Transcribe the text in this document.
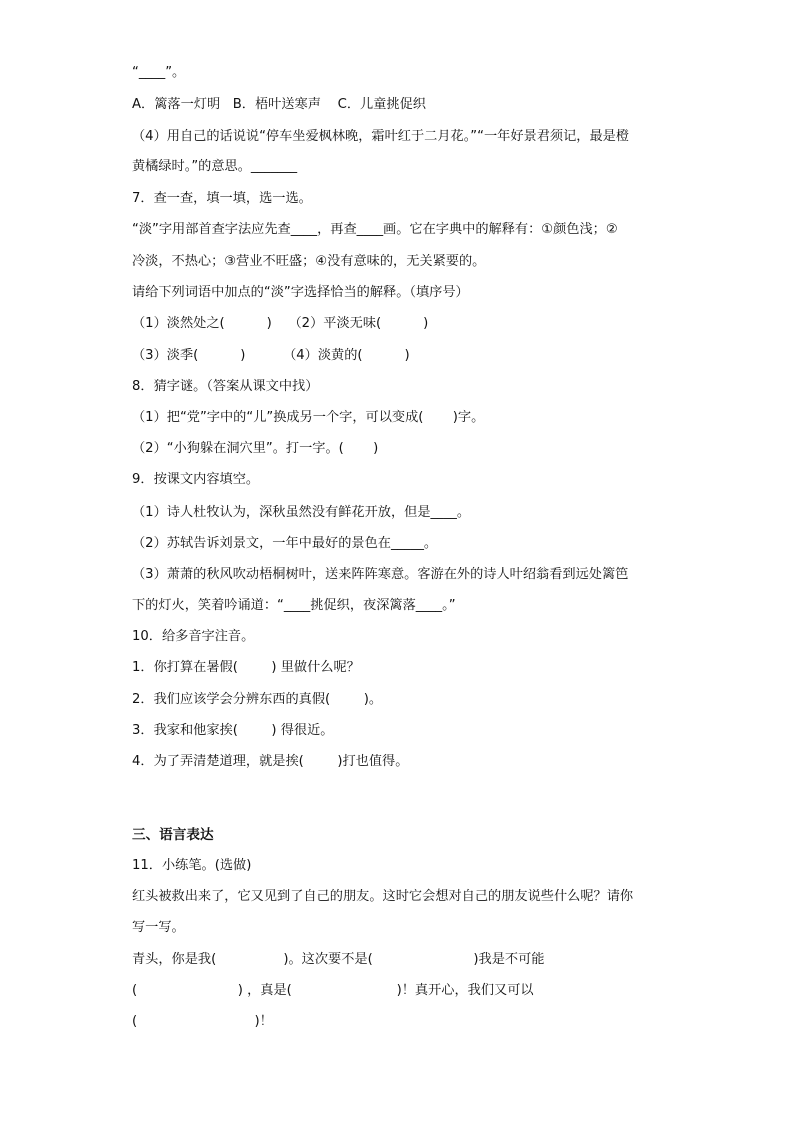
“____”。
A．篱落一灯明   B．梧叶送寒声    C．儿童挑促织
（4）用自己的话说说“停车坐爱枫林晚，霜叶红于二月花。”“一年好景君须记，最是橙
黄橘绿时。”的意思。_______
7．查一查，填一填，选一选。
“淡”字用部首查字法应先查____，再查____画。它在字典中的解释有：①颜色浅；②
冷淡，不热心；③营业不旺盛；④没有意味的，无关紧要的。
请给下列词语中加点的“淡”字选择恰当的解释。（填序号）
（1）淡然处之(          )    （2）平淡无味(          )
（3）淡季(          )         （4）淡黄的(          )
8．猜字谜。（答案从课文中找）
（1）把“党”字中的“儿”换成另一个字，可以变成(       )字。
（2）“小狗躲在洞穴里”。打一字。(       )
9．按课文内容填空。
（1）诗人杜牧认为，深秋虽然没有鲜花开放，但是____。
（2）苏轼告诉刘景文，一年中最好的景色在_____。
（3）萧萧的秋风吹动梧桐树叶，送来阵阵寒意。客游在外的诗人叶绍翁看到远处篱笆
下的灯火，笑着吟诵道：“____挑促织，夜深篱落____。”
10．给多音字注音。
1．你打算在暑假(        ) 里做什么呢？
2．我们应该学会分辨东西的真假(        )。
3．我家和他家挨(        ) 得很近。
4．为了弄清楚道理，就是挨(        )打也值得。
三、语言表达
11．小练笔。(选做)
红头被救出来了，它又见到了自己的朋友。这时它会想对自己的朋友说些什么呢？请你
写一写。
青头，你是我(                )。这次要不是(                        )我是不可能
(                        ) ，真是(                         )！真开心，我们又可以
(                            )！
